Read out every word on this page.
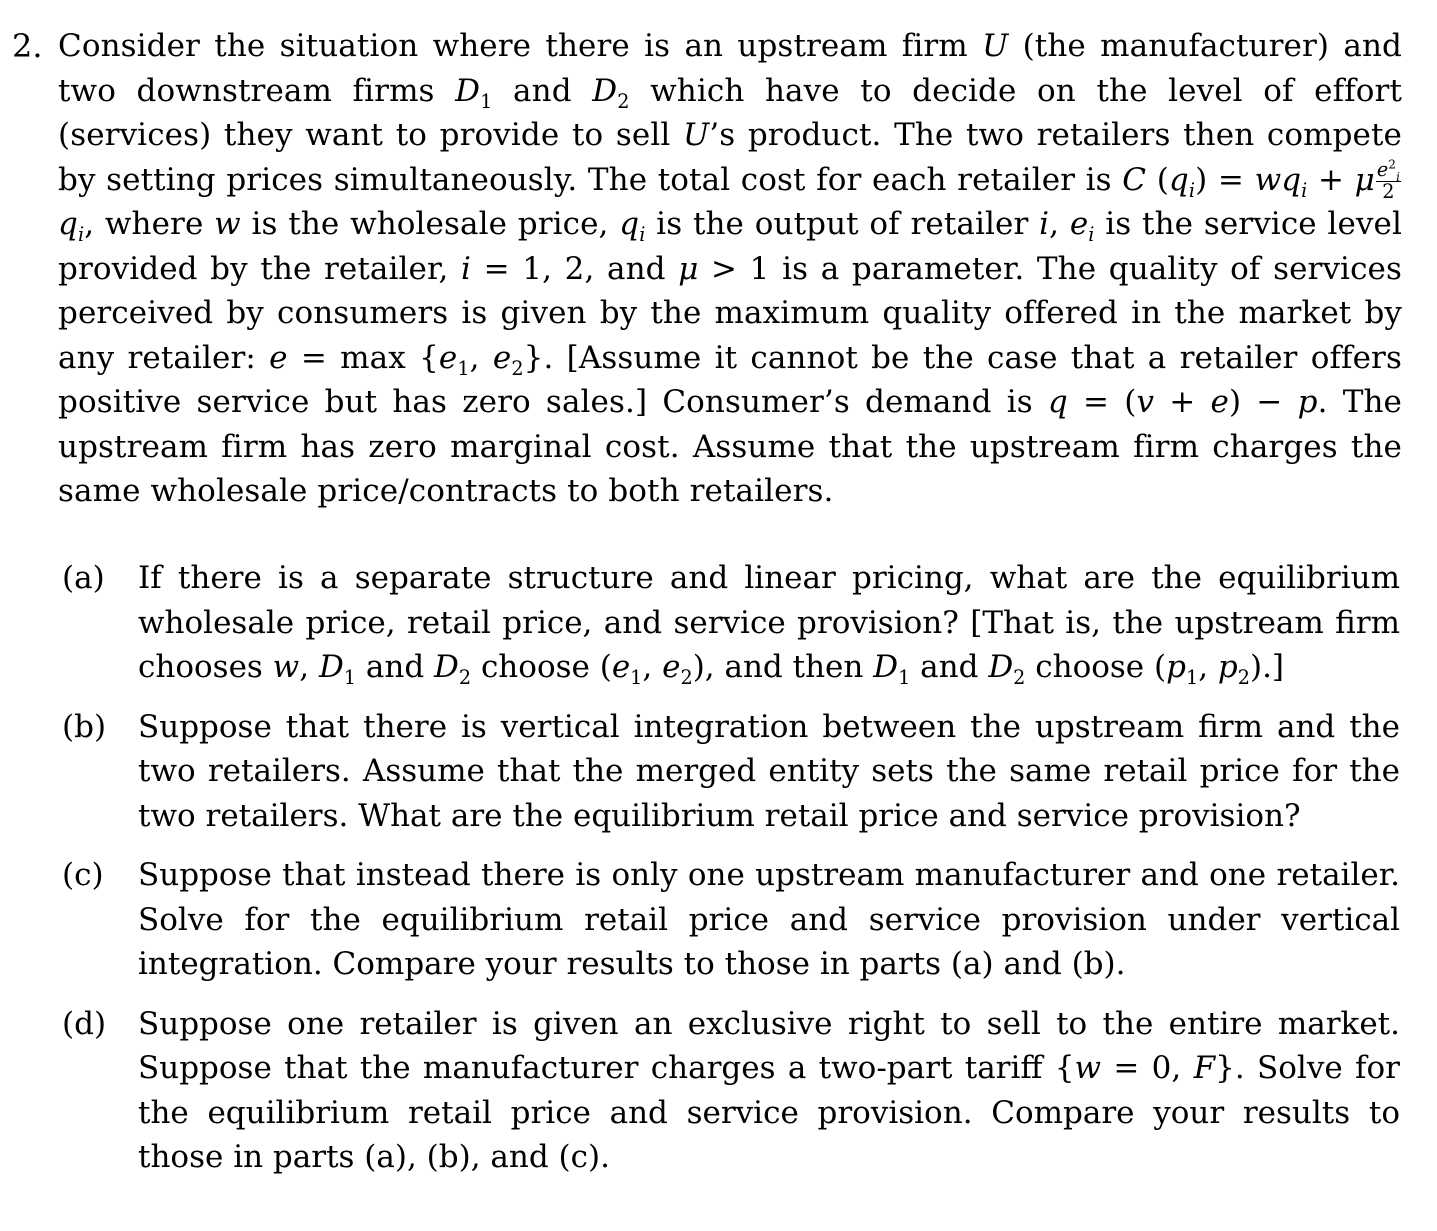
2. Consider the situation where there is an upstream firm U (the manufacturer) and two downstream firms $D_1$ and $D_2$ which have to decide on the level of effort (services) they want to provide to sell U’s product. The two retailers then compete by setting prices simultaneously. The total cost for each retailer is C $(q_i) = wq_i + \mu \frac{e^2_i}{2}$
$q_i$, where w is the wholesale price, $q_i$ is the output of retailer i, $e_i$ is the service level provided by the retailer, i = 1, 2, and μ > 1 is a parameter. The quality of services perceived by consumers is given by the maximum quality offered in the market by any retailer: $e = \max \{e_1$, $e_2$}. [Assume it cannot be the case that a retailer offers positive service but has zero sales.] Consumer’s demand is q = (v + e) − p. The upstream firm has zero marginal cost. Assume that the upstream firm charges the same wholesale price/contracts to both retailers.

(a) If there is a separate structure and linear pricing, what are the equilibrium wholesale price, retail price, and service provision? [That is, the upstream firm chooses w, $D_1$ and $D_2$ choose ($e_1$, $e_2$), and then $D_1$ and $D_2$ choose ($p_1$, $p_2$).]
(b) Suppose that there is vertical integration between the upstream firm and the two retailers. Assume that the merged entity sets the same retail price for the two retailers. What are the equilibrium retail price and service provision?
(c) Suppose that instead there is only one upstream manufacturer and one retailer. Solve for the equilibrium retail price and service provision under vertical integration. Compare your results to those in parts (a) and (b).
(d) Suppose one retailer is given an exclusive right to sell to the entire market. Suppose that the manufacturer charges a two-part tariff {w = 0, F}. Solve for the equilibrium retail price and service provision. Compare your results to those in parts (a), (b), and (c).
